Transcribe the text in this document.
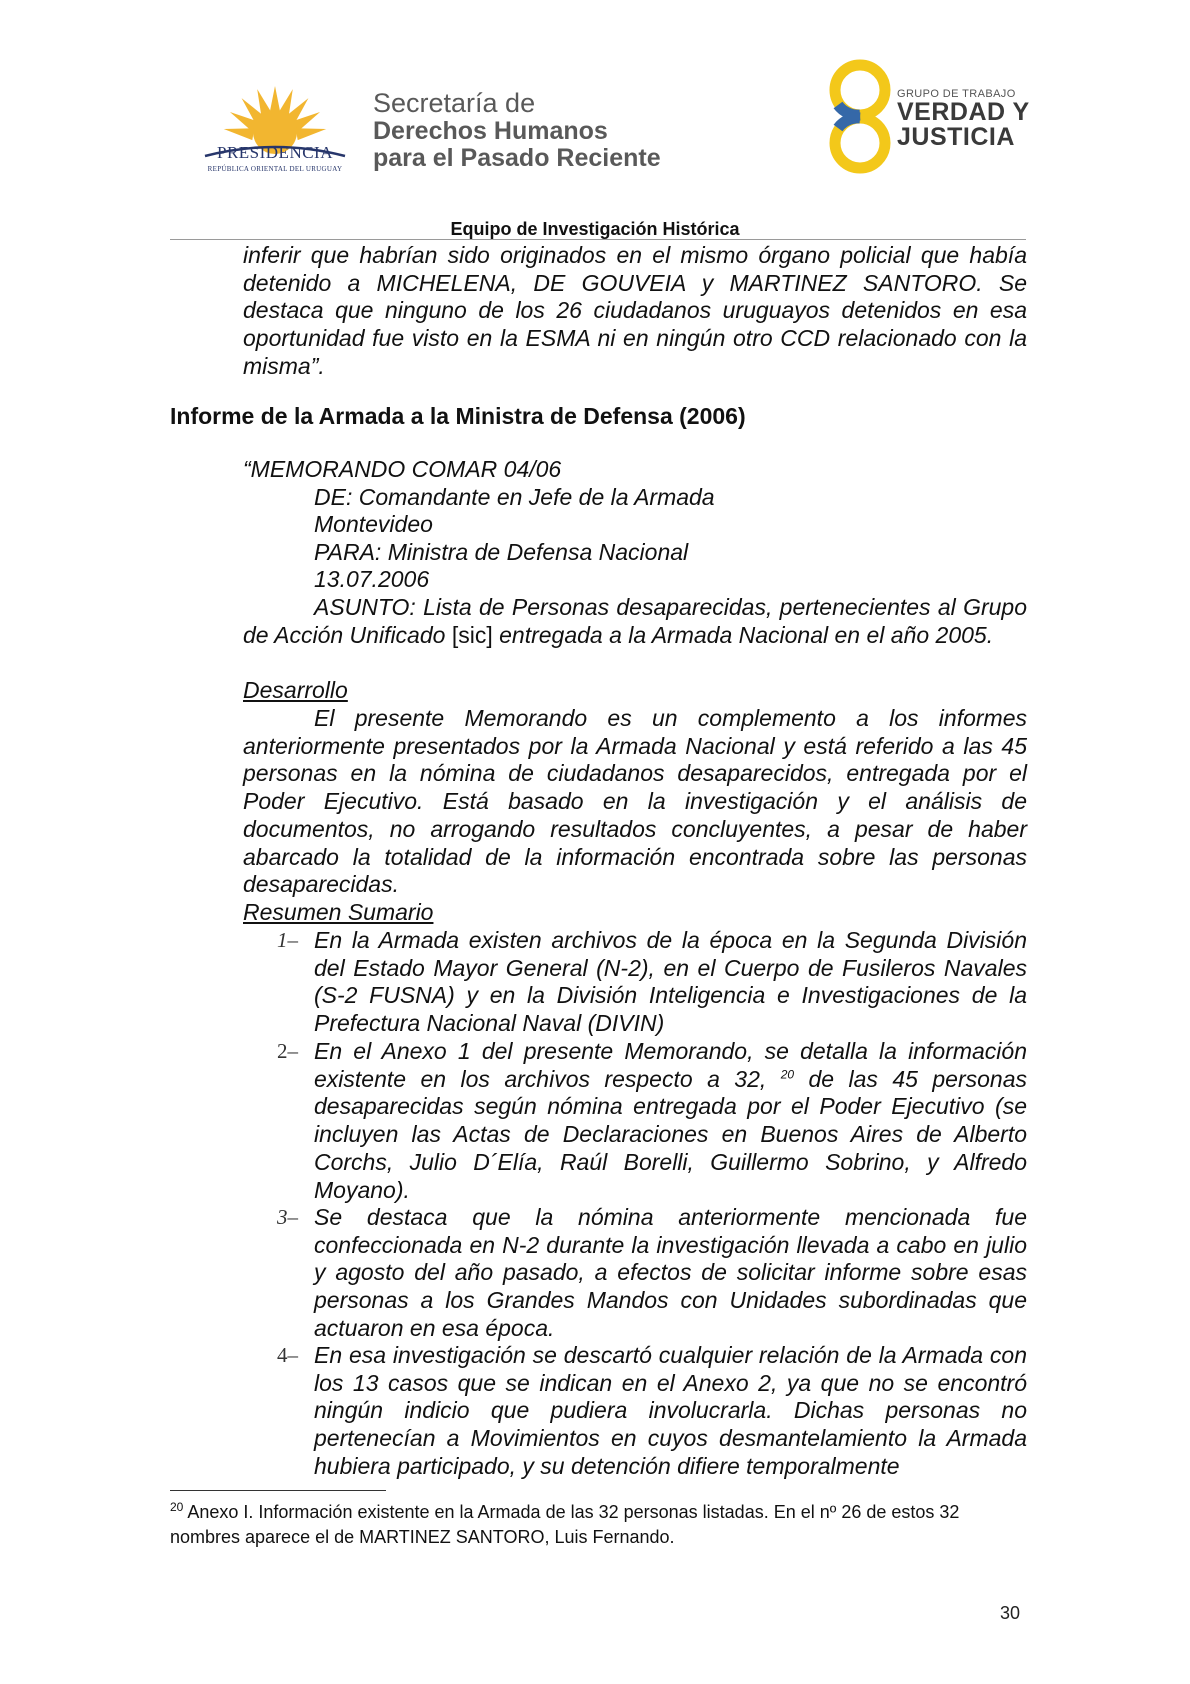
PRESIDENCIA
REPÚBLICA ORIENTAL DEL URUGUAY
Secretaría de
Derechos Humanos
para el Pasado Reciente
GRUPO DE TRABAJO
VERDAD Y
JUSTICIA
Equipo de Investigación Histórica
inferir que habrían sido originados en el mismo órgano policial que había detenido a MICHELENA, DE GOUVEIA y MARTINEZ SANTORO. Se destaca que ninguno de los 26 ciudadanos uruguayos detenidos en esa oportunidad fue visto en la ESMA ni en ningún otro CCD relacionado con la misma”.
Informe de la Armada a la Ministra de Defensa (2006)
“MEMORANDO COMAR 04/06
DE: Comandante en Jefe de la Armada
Montevideo
PARA: Ministra de Defensa Nacional
13.07.2006
ASUNTO: Lista de Personas desaparecidas, pertenecientes al Grupo de Acción Unificado [sic] entregada a la Armada Nacional en el año 2005.
Desarrollo
El presente Memorando es un complemento a los informes anteriormente presentados por la Armada Nacional y está referido a las 45 personas en la nómina de ciudadanos desaparecidos, entregada por el Poder Ejecutivo. Está basado en la investigación y el análisis de documentos, no arrogando resultados concluyentes, a pesar de haber abarcado la totalidad de la información encontrada sobre las personas desaparecidas.
Resumen Sumario
1– En la Armada existen archivos de la época en la Segunda División del Estado Mayor General (N-2), en el Cuerpo de Fusileros Navales (S-2 FUSNA) y en la División Inteligencia e Investigaciones de la Prefectura Nacional Naval (DIVIN)
2– En el Anexo 1 del presente Memorando, se detalla la información existente en los archivos respecto a 32, $^{20}$ de las 45 personas desaparecidas según nómina entregada por el Poder Ejecutivo (se incluyen las Actas de Declaraciones en Buenos Aires de Alberto Corchs, Julio D´Elía, Raúl Borelli, Guillermo Sobrino, y Alfredo Moyano).
3– Se destaca que la nómina anteriormente mencionada fue confeccionada en N-2 durante la investigación llevada a cabo en julio y agosto del año pasado, a efectos de solicitar informe sobre esas personas a los Grandes Mandos con Unidades subordinadas que actuaron en esa época.
4– En esa investigación se descartó cualquier relación de la Armada con los 13 casos que se indican en el Anexo 2, ya que no se encontró ningún indicio que pudiera involucrarla. Dichas personas no pertenecían a Movimientos en cuyos desmantelamiento la Armada hubiera participado, y su detención difiere temporalmente
$^{20}$ Anexo I. Información existente en la Armada de las 32 personas listadas. En el nº 26 de estos 32 nombres aparece el de MARTINEZ SANTORO, Luis Fernando.
30
